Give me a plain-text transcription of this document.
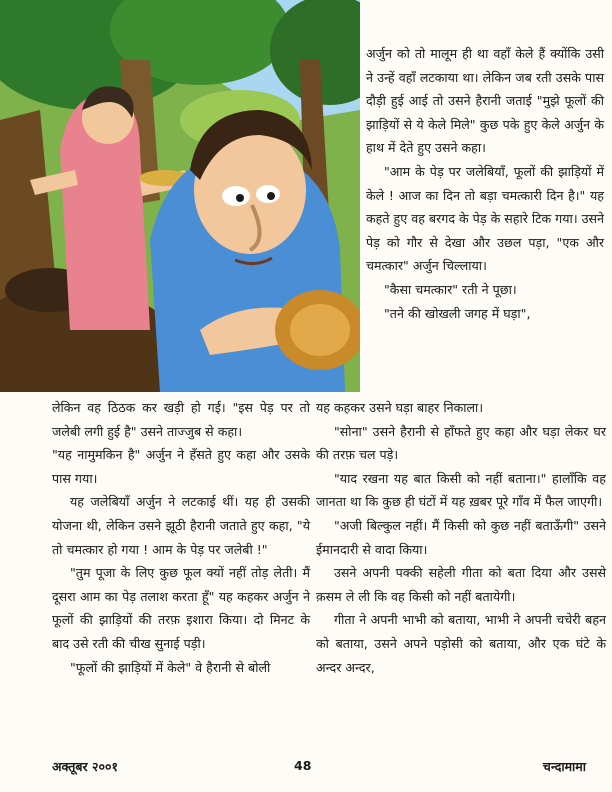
अर्जुन को तो मालूम ही था वहाँ केले हैं क्योंकि उसी ने उन्हें वहाँ लटकाया था। लेकिन जब रती उसके पास दौड़ी हुई आई तो उसने हैरानी जताई "मुझे फूलों की झाड़ियों से ये केले मिले" कुछ पके हुए केले अर्जुन के हाथ में देते हुए उसने कहा।

"आम के पेड़ पर जलेबियाँ, फूलों की झाड़ियों में केले ! आज का दिन तो बड़ा चमत्कारी दिन है।" यह कहते हुए वह बरगद के पेड़ के सहारे टिक गया। उसने पेड़ को गौर से देखा और उछल पड़ा, "एक और चमत्कार" अर्जुन चिल्लाया।

"कैसा चमत्कार" रती ने पूछा।

"तने की खोखली जगह में घड़ा",

लेकिन वह ठिठक कर खड़ी हो गई। "इस पेड़ पर तो जलेबी लगी हुई है" उसने ताज्जुब से कहा।

"यह नामुमकिन है" अर्जुन ने हँसते हुए कहा और उसके पास गया।

यह जलेबियाँ अर्जुन ने लटकाई थीं। यह ही उसकी योजना थी, लेकिन उसने झूठी हैरानी जताते हुए कहा, "ये तो चमत्कार हो गया ! आम के पेड़ पर जलेबी !"

"तुम पूजा के लिए कुछ फूल क्यों नहीं तोड़ लेती। मैं दूसरा आम का पेड़ तलाश करता हूँ" यह कहकर अर्जुन ने फूलों की झाड़ियों की तरफ़ इशारा किया। दो मिनट के बाद उसे रती की चीख सुनाई पड़ी।

"फूलों की झाड़ियों में केले" वे हैरानी से बोली

यह कहकर उसने घड़ा बाहर निकाला।

"सोना" उसने हैरानी से हाँफते हुए कहा और घड़ा लेकर घर की तरफ़ चल पड़े।

"याद रखना यह बात किसी को नहीं बताना।" हालाँकि वह जानता था कि कुछ ही घंटों में यह ख़बर पूरे गाँव में फैल जाएगी।

"अजी बिल्कुल नहीं। मैं किसी को कुछ नहीं बताऊँगी" उसने ईमानदारी से वादा किया।

उसने अपनी पक्की सहेली गीता को बता दिया और उससे क़सम ले ली कि वह किसी को नहीं बतायेगी।

गीता ने अपनी भाभी को बताया, भाभी ने अपनी चचेरी बहन को बताया, उसने अपने पड़ोसी को बताया, और एक घंटे के अन्दर अन्दर,

अक्तूबर २००१	48	चन्दामामा
